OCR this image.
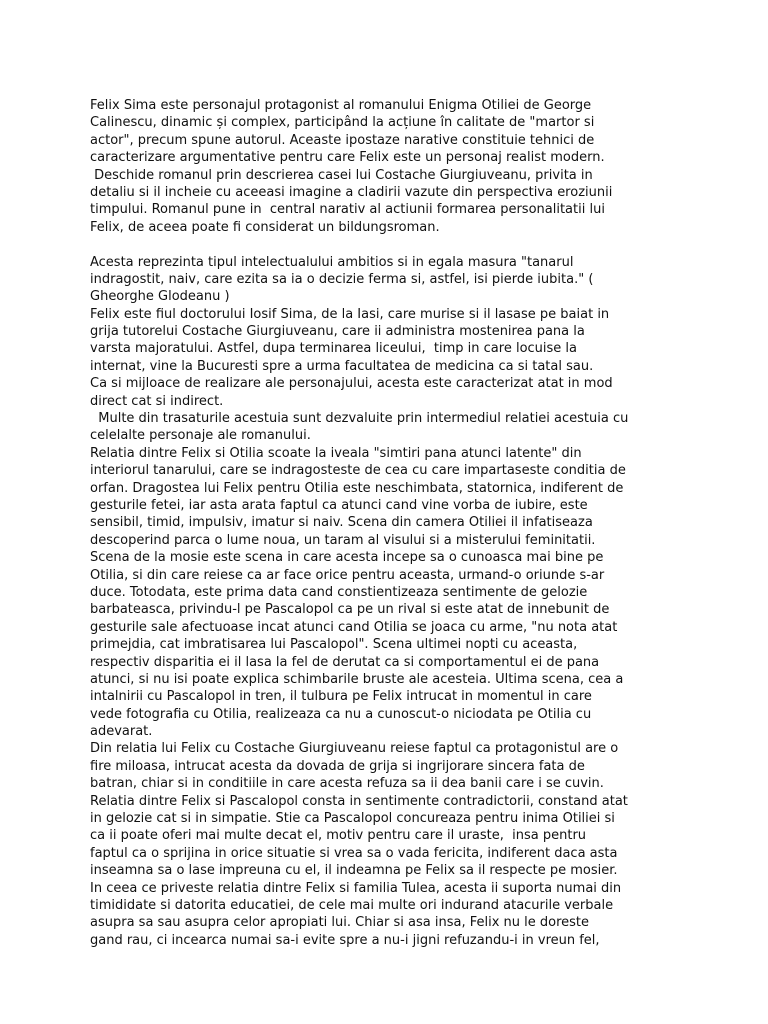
Felix Sima este personajul protagonist al romanului Enigma Otiliei de George
Calinescu, dinamic și complex, participând la acțiune în calitate de "martor si
actor", precum spune autorul. Aceaste ipostaze narative constituie tehnici de
caracterizare argumentative pentru care Felix este un personaj realist modern.
Deschide romanul prin descrierea casei lui Costache Giurgiuveanu, privita in
detaliu si il incheie cu aceeasi imagine a cladirii vazute din perspectiva eroziunii
timpului. Romanul pune in  central narativ al actiunii formarea personalitatii lui
Felix, de aceea poate fi considerat un bildungsroman.
Acesta reprezinta tipul intelectualului ambitios si in egala masura "tanarul
indragostit, naiv, care ezita sa ia o decizie ferma si, astfel, isi pierde iubita." (
Gheorghe Glodeanu )
Felix este fiul doctorului Iosif Sima, de la Iasi, care murise si il lasase pe baiat in
grija tutorelui Costache Giurgiuveanu, care ii administra mostenirea pana la
varsta majoratului. Astfel, dupa terminarea liceului,  timp in care locuise la
internat, vine la Bucuresti spre a urma facultatea de medicina ca si tatal sau.
Ca si mijloace de realizare ale personajului, acesta este caracterizat atat in mod
direct cat si indirect.
Multe din trasaturile acestuia sunt dezvaluite prin intermediul relatiei acestuia cu
celelalte personaje ale romanului.
Relatia dintre Felix si Otilia scoate la iveala "simtiri pana atunci latente" din
interiorul tanarului, care se indragosteste de cea cu care impartaseste conditia de
orfan. Dragostea lui Felix pentru Otilia este neschimbata, statornica, indiferent de
gesturile fetei, iar asta arata faptul ca atunci cand vine vorba de iubire, este
sensibil, timid, impulsiv, imatur si naiv. Scena din camera Otiliei il infatiseaza
descoperind parca o lume noua, un taram al visului si a misterului feminitatii.
Scena de la mosie este scena in care acesta incepe sa o cunoasca mai bine pe
Otilia, si din care reiese ca ar face orice pentru aceasta, urmand-o oriunde s-ar
duce. Totodata, este prima data cand constientizeaza sentimente de gelozie
barbateasca, privindu-l pe Pascalopol ca pe un rival si este atat de innebunit de
gesturile sale afectuoase incat atunci cand Otilia se joaca cu arme, "nu nota atat
primejdia, cat imbratisarea lui Pascalopol". Scena ultimei nopti cu aceasta,
respectiv disparitia ei il lasa la fel de derutat ca si comportamentul ei de pana
atunci, si nu isi poate explica schimbarile bruste ale acesteia. Ultima scena, cea a
intalnirii cu Pascalopol in tren, il tulbura pe Felix intrucat in momentul in care
vede fotografia cu Otilia, realizeaza ca nu a cunoscut-o niciodata pe Otilia cu
adevarat.
Din relatia lui Felix cu Costache Giurgiuveanu reiese faptul ca protagonistul are o
fire miloasa, intrucat acesta da dovada de grija si ingrijorare sincera fata de
batran, chiar si in conditiile in care acesta refuza sa ii dea banii care i se cuvin.
Relatia dintre Felix si Pascalopol consta in sentimente contradictorii, constand atat
in gelozie cat si in simpatie. Stie ca Pascalopol concureaza pentru inima Otiliei si
ca ii poate oferi mai multe decat el, motiv pentru care il uraste,  insa pentru
faptul ca o sprijina in orice situatie si vrea sa o vada fericita, indiferent daca asta
inseamna sa o lase impreuna cu el, il indeamna pe Felix sa il respecte pe mosier.
In ceea ce priveste relatia dintre Felix si familia Tulea, acesta ii suporta numai din
timididate si datorita educatiei, de cele mai multe ori indurand atacurile verbale
asupra sa sau asupra celor apropiati lui. Chiar si asa insa, Felix nu le doreste
gand rau, ci incearca numai sa-i evite spre a nu-i jigni refuzandu-i in vreun fel,
